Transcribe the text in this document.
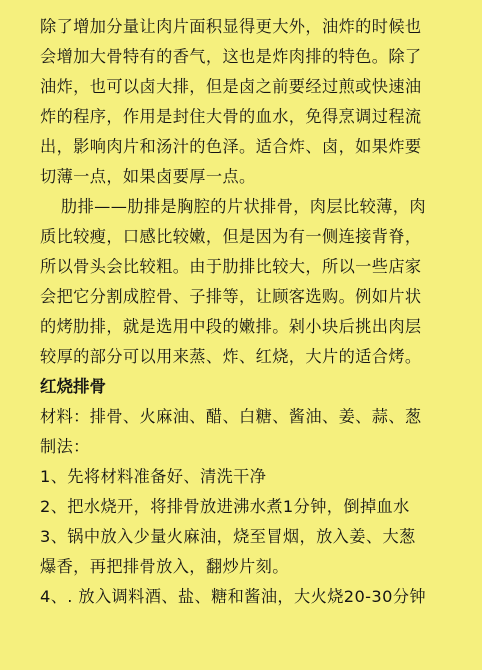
除了增加分量让肉片面积显得更大外，油炸的时候也
会增加大骨特有的香气，这也是炸肉排的特色。除了
油炸，也可以卤大排，但是卤之前要经过煎或快速油
炸的程序，作用是封住大骨的血水，免得烹调过程流
出，影响肉片和汤汁的色泽。适合炸、卤，如果炸要
切薄一点，如果卤要厚一点。
肋排——肋排是胸腔的片状排骨，肉层比较薄，肉
质比较瘦，口感比较嫩，但是因为有一侧连接背脊，
所以骨头会比较粗。由于肋排比较大，所以一些店家
会把它分割成腔骨、子排等，让顾客选购。例如片状
的烤肋排，就是选用中段的嫩排。剁小块后挑出肉层
较厚的部分可以用来蒸、炸、红烧，大片的适合烤。
红烧排骨
材料：排骨、火麻油、醋、白糖、酱油、姜、蒜、葱
制法：
1、先将材料准备好、清洗干净
2、把水烧开，将排骨放进沸水煮1分钟，倒掉血水
3、锅中放入少量火麻油，烧至冒烟，放入姜、大葱
爆香，再把排骨放入，翻炒片刻。
4、. 放入调料酒、盐、糖和酱油，大火烧20-30分钟
